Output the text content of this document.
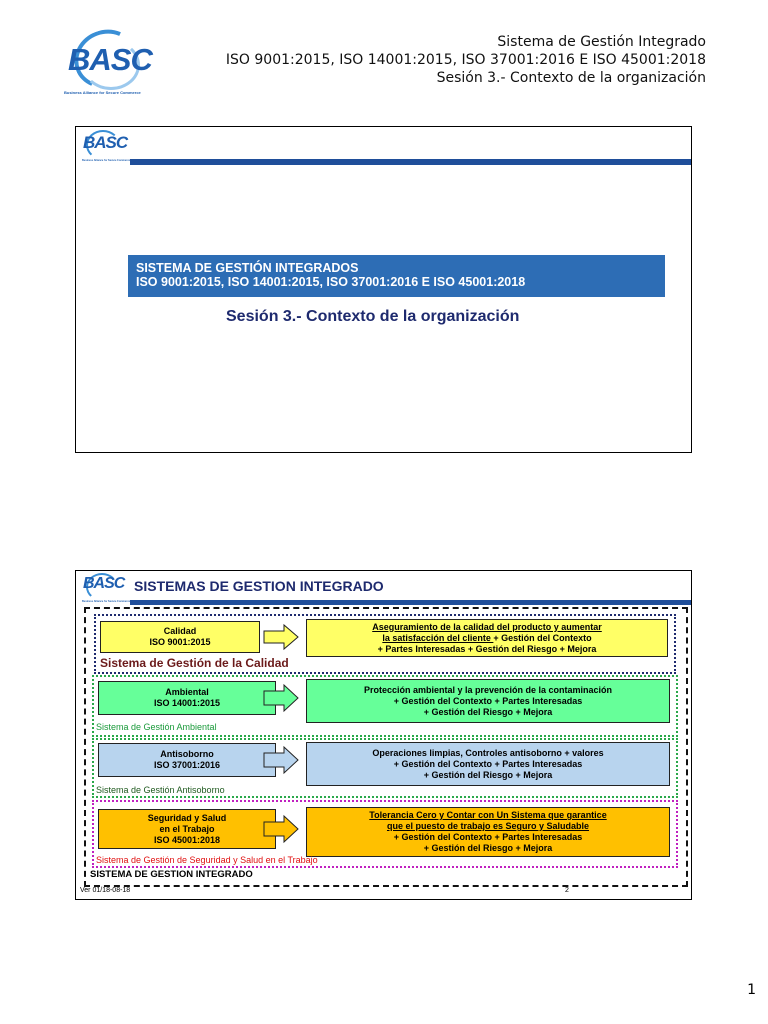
Sistema de Gestión Integrado
ISO 9001:2015, ISO 14001:2015, ISO 37001:2016 E ISO 45001:2018
Sesión 3.- Contexto de la organización
BASC
Business Alliance for Secure Commerce
BASC
Business Alliance for Secure Commerce
SISTEMA DE GESTIÓN INTEGRADOS
ISO 9001:2015, ISO 14001:2015, ISO 37001:2016 E ISO 45001:2018
Sesión 3.- Contexto de la organización
BASC
Business Alliance for Secure Commerce
SISTEMAS DE GESTION INTEGRADO
Calidad
ISO 9001:2015
Aseguramiento de la calidad del producto y aumentar
la satisfacción del cliente + Gestión del Contexto
+ Partes Interesadas + Gestión del Riesgo + Mejora
Sistema de Gestión de la Calidad
Ambiental
ISO 14001:2015
Protección ambiental y la prevención de la contaminación
+ Gestión del Contexto + Partes Interesadas
+ Gestión del Riesgo + Mejora
Sistema de Gestión Ambiental
Antisoborno
ISO 37001:2016
Operaciones limpias, Controles antisoborno + valores
+ Gestión del Contexto + Partes Interesadas
+ Gestión del Riesgo + Mejora
Sistema de Gestión Antisoborno
Seguridad y Salud
en el Trabajo
ISO 45001:2018
Tolerancia Cero y Contar con Un Sistema que garantice
que el puesto de trabajo es Seguro y Saludable
+ Gestión del Contexto + Partes Interesadas
+ Gestión del Riesgo + Mejora
Sistema de Gestión de Seguridad y Salud en el Trabajo
SISTEMA DE GESTION INTEGRADO
Ver 01/18-08-18	2
1
